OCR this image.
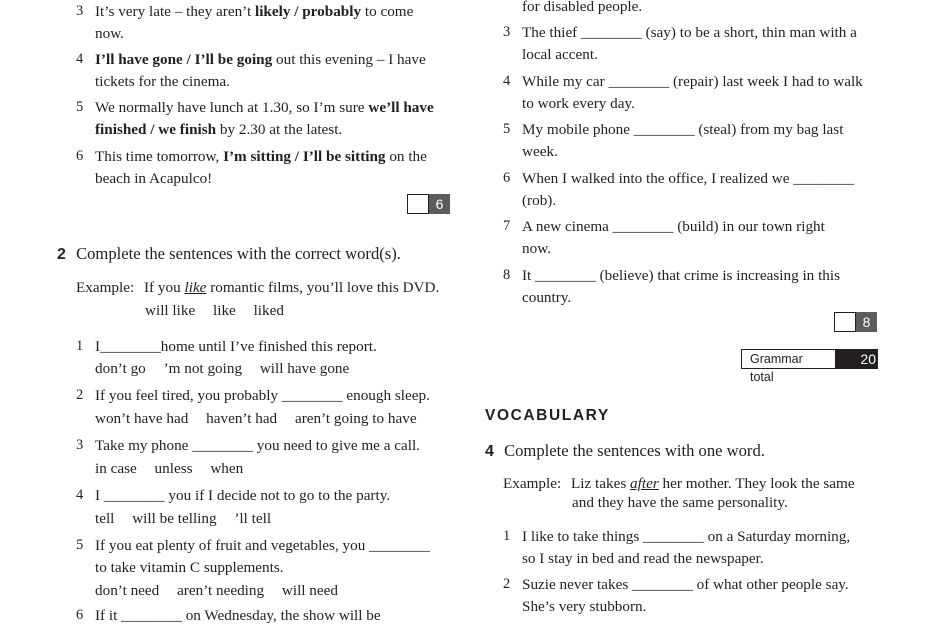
3 It’s very late – they aren’t likely / probably to come
now.
4 I’ll have gone / I’ll be going out this evening – I have
tickets for the cinema.
5 We normally have lunch at 1.30, so I’m sure we’ll have
finished / we finish by 2.30 at the latest.
6 This time tomorrow, I’m sitting / I’ll be sitting on the
beach in Acapulco!
6
2 Complete the sentences with the correct word(s).
Example: If you like romantic films, you’ll love this DVD.
will like like liked
1 I________home until I’ve finished this report.
don’t go ’m not going will have gone
2 If you feel tired, you probably ________ enough sleep.
won’t have had haven’t had aren’t going to have
3 Take my phone ________ you need to give me a call.
in case unless when
4 I ________ you if I decide not to go to the party.
tell will be telling ’ll tell
5 If you eat plenty of fruit and vegetables, you ________
to take vitamin C supplements.
don’t need aren’t needing will need
6 If it ________ on Wednesday, the show will be
for disabled people.
3 The thief ________ (say) to be a short, thin man with a
local accent.
4 While my car ________ (repair) last week I had to walk
to work every day.
5 My mobile phone ________ (steal) from my bag last
week.
6 When I walked into the office, I realized we ________
(rob).
7 A new cinema ________ (build) in our town right
now.
8 It ________ (believe) that crime is increasing in this
country.
8
Grammar total
20
VOCABULARY
4 Complete the sentences with one word.
Example: Liz takes after her mother. They look the same
and they have the same personality.
1 I like to take things ________ on a Saturday morning,
so I stay in bed and read the newspaper.
2 Suzie never takes ________ of what other people say.
She’s very stubborn.
